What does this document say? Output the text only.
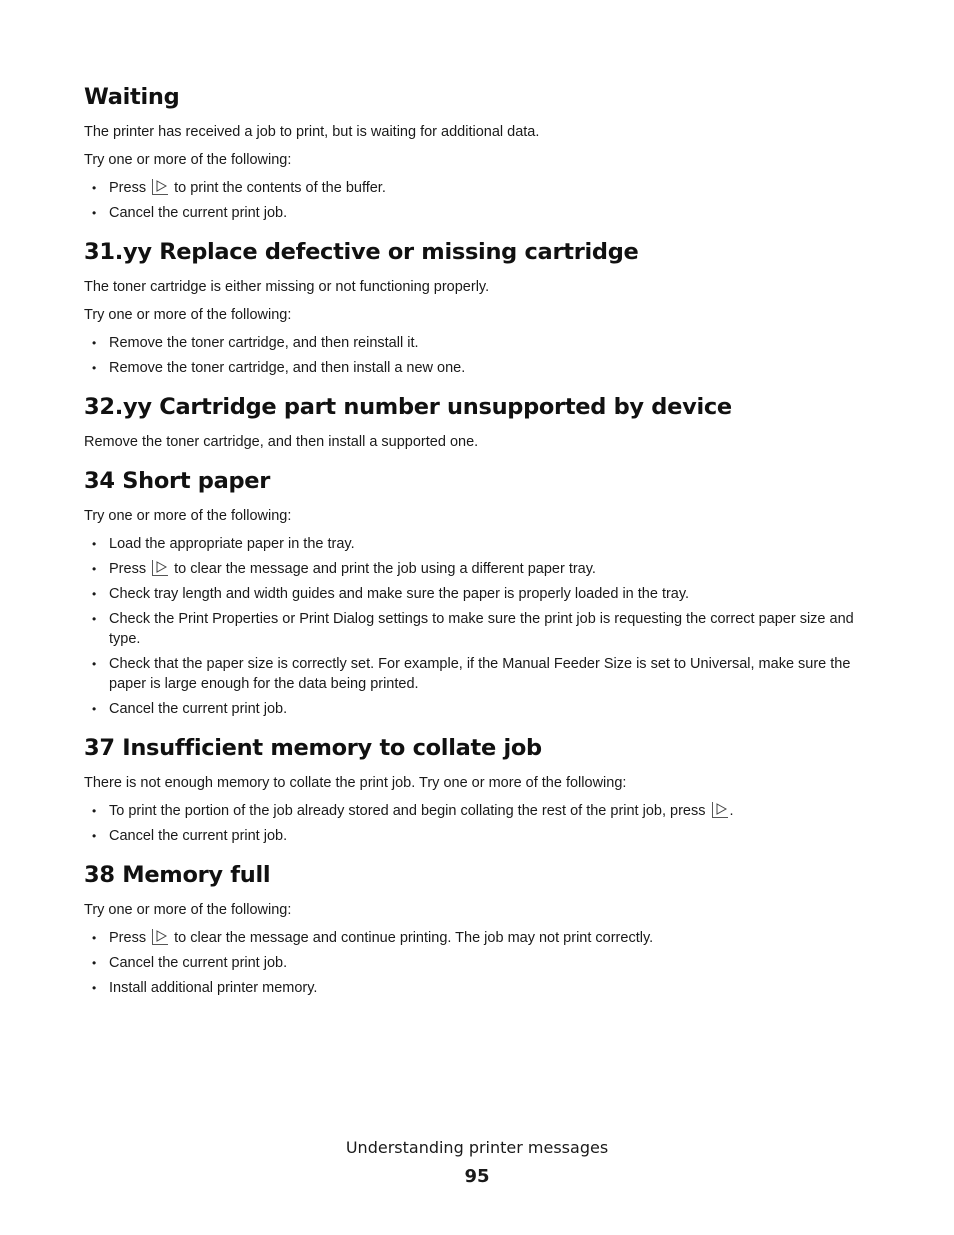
Waiting

The printer has received a job to print, but is waiting for additional data.

Try one or more of the following:

• Press
to print the contents of the buffer.
• Cancel the current print job.
31.yy Replace defective or missing cartridge

The toner cartridge is either missing or not functioning properly.

Try one or more of the following:

• Remove the toner cartridge, and then reinstall it.
• Remove the toner cartridge, and then install a new one.
32.yy Cartridge part number unsupported by device

Remove the toner cartridge, and then install a supported one.

34 Short paper

Try one or more of the following:

• Load the appropriate paper in the tray.
• Press
to clear the message and print the job using a different paper tray.
• Check tray length and width guides and make sure the paper is properly loaded in the tray.
• Check the Print Properties or Print Dialog settings to make sure the print job is requesting the correct paper size and type.
• Check that the paper size is correctly set. For example, if the Manual Feeder Size is set to Universal, make sure the paper is large enough for the data being printed.
• Cancel the current print job.
37 Insufficient memory to collate job

There is not enough memory to collate the print job. Try one or more of the following:

• To print the portion of the job already stored and begin collating the rest of the print job, press
.
• Cancel the current print job.
38 Memory full

Try one or more of the following:

• Press
to clear the message and continue printing. The job may not print correctly.
• Cancel the current print job.
• Install additional printer memory.
Understanding printer messages
95
